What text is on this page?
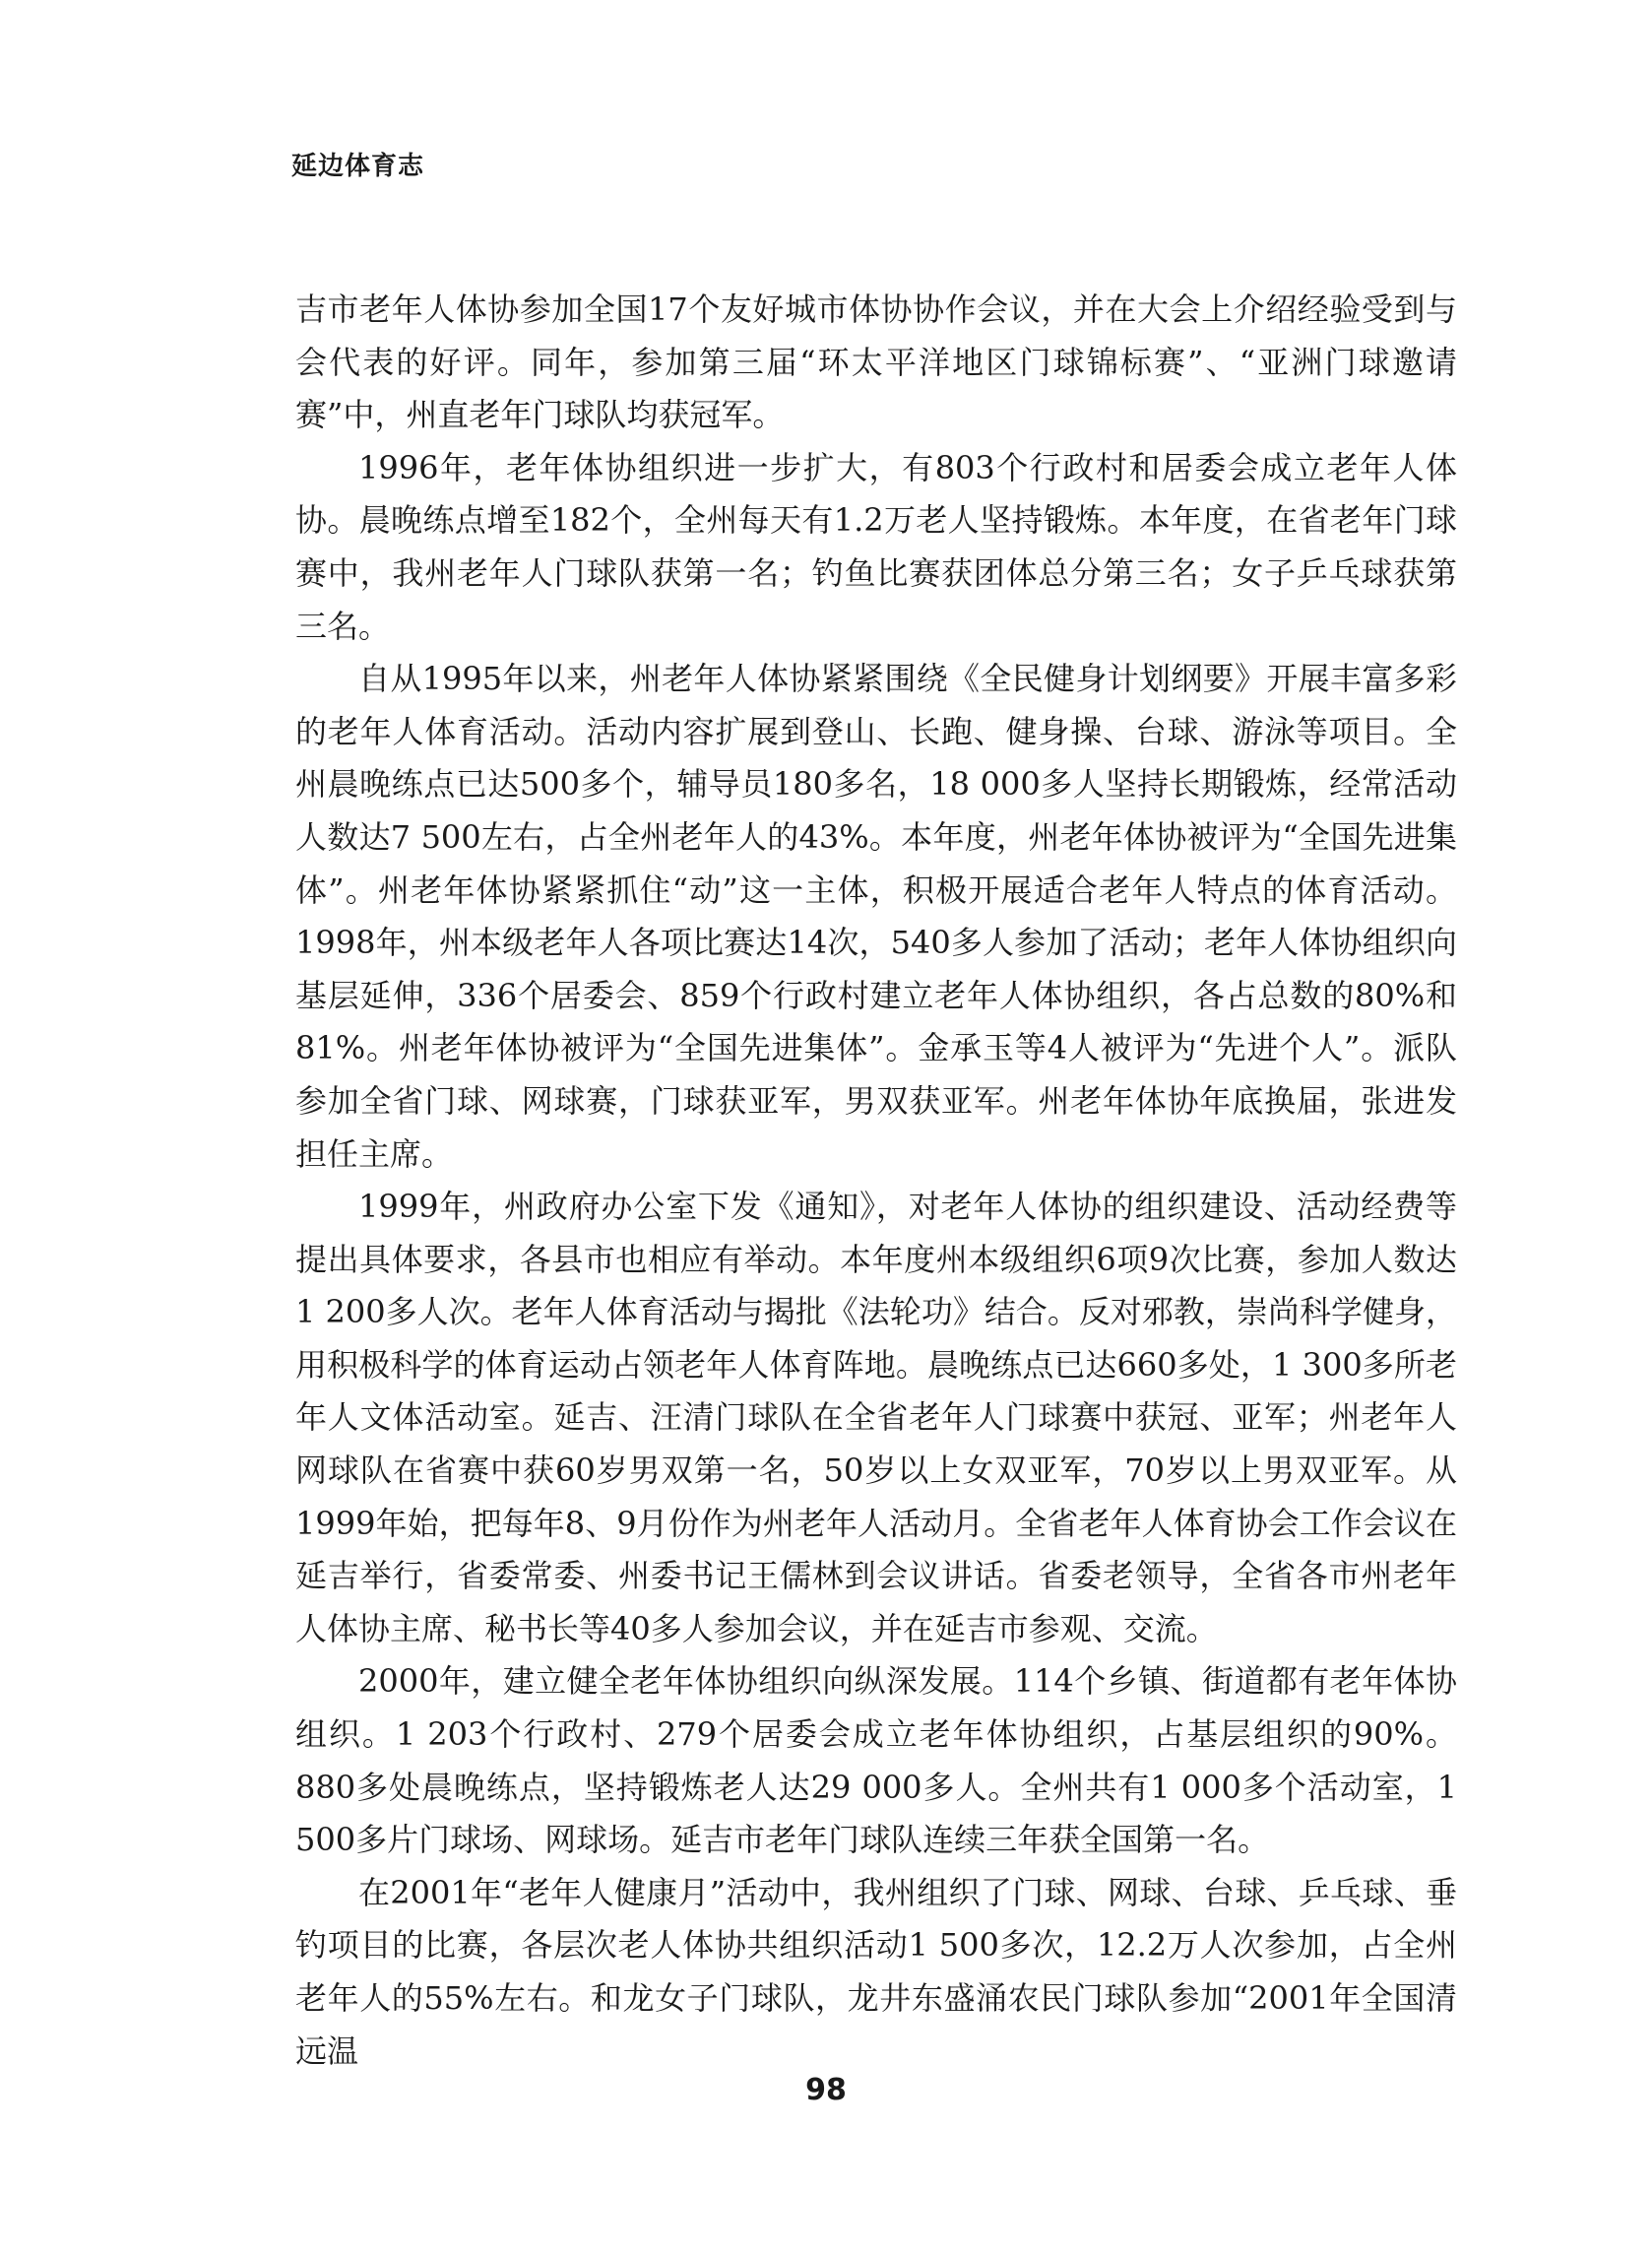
延边体育志

吉市老年人体协参加全国17个友好城市体协协作会议，并在大会上介绍经验受到与会代表的好评。同年，参加第三届“环太平洋地区门球锦标赛”、“亚洲门球邀请赛”中，州直老年门球队均获冠军。

1996年，老年体协组织进一步扩大，有803个行政村和居委会成立老年人体协。晨晚练点增至182个，全州每天有1.2万老人坚持锻炼。本年度，在省老年门球赛中，我州老年人门球队获第一名；钓鱼比赛获团体总分第三名；女子乒乓球获第三名。

自从1995年以来，州老年人体协紧紧围绕《全民健身计划纲要》开展丰富多彩的老年人体育活动。活动内容扩展到登山、长跑、健身操、台球、游泳等项目。全州晨晚练点已达500多个，辅导员180多名，18 000多人坚持长期锻炼，经常活动人数达7 500左右，占全州老年人的43%。本年度，州老年体协被评为“全国先进集体”。州老年体协紧紧抓住“动”这一主体，积极开展适合老年人特点的体育活动。1998年，州本级老年人各项比赛达14次，540多人参加了活动；老年人体协组织向基层延伸，336个居委会、859个行政村建立老年人体协组织，各占总数的80%和81%。州老年体协被评为“全国先进集体”。金承玉等4人被评为“先进个人”。派队参加全省门球、网球赛，门球获亚军，男双获亚军。州老年体协年底换届，张进发担任主席。

1999年，州政府办公室下发《通知》，对老年人体协的组织建设、活动经费等提出具体要求，各县市也相应有举动。本年度州本级组织6项9次比赛，参加人数达1 200多人次。老年人体育活动与揭批《法轮功》结合。反对邪教，崇尚科学健身，用积极科学的体育运动占领老年人体育阵地。晨晚练点已达660多处，1 300多所老年人文体活动室。延吉、汪清门球队在全省老年人门球赛中获冠、亚军；州老年人网球队在省赛中获60岁男双第一名，50岁以上女双亚军，70岁以上男双亚军。从1999年始，把每年8、9月份作为州老年人活动月。全省老年人体育协会工作会议在延吉举行，省委常委、州委书记王儒林到会议讲话。省委老领导，全省各市州老年人体协主席、秘书长等40多人参加会议，并在延吉市参观、交流。

2000年，建立健全老年体协组织向纵深发展。114个乡镇、街道都有老年体协组织。1 203个行政村、279个居委会成立老年体协组织，占基层组织的90%。880多处晨晚练点，坚持锻炼老人达29 000多人。全州共有1 000多个活动室，1 500多片门球场、网球场。延吉市老年门球队连续三年获全国第一名。

在2001年“老年人健康月”活动中，我州组织了门球、网球、台球、乒乓球、垂钓项目的比赛，各层次老人体协共组织活动1 500多次，12.2万人次参加，占全州老年人的55%左右。和龙女子门球队，龙井东盛涌农民门球队参加“2001年全国清远温

98
